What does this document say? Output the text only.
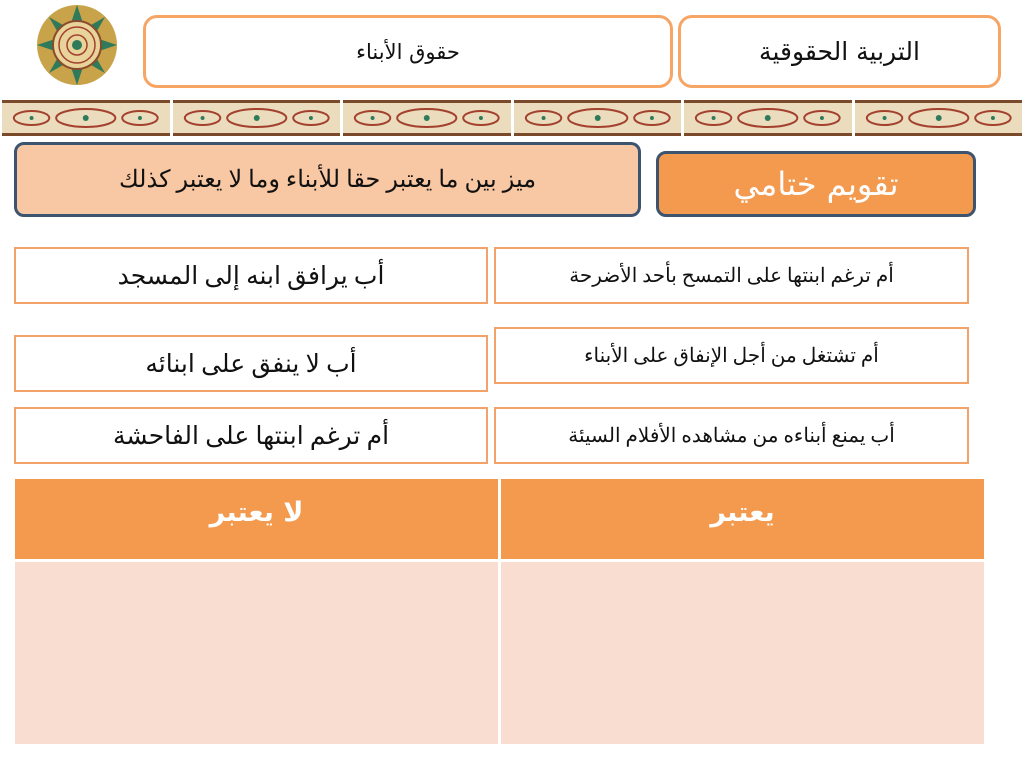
التربية الحقوقية
حقوق الأبناء
ميز بين ما يعتبر حقا للأبناء وما لا يعتبر كذلك	تقويم ختامي
أب يرافق ابنه إلى المسجد	أم ترغم ابنتها على التمسح بأحد الأضرحة
أب لا ينفق على ابنائه	أم تشتغل من أجل الإنفاق على الأبناء
أم ترغم ابنتها على الفاحشة	أب يمنع أبناءه من مشاهده الأفلام السيئة
لا يعتبر	يعتبر
